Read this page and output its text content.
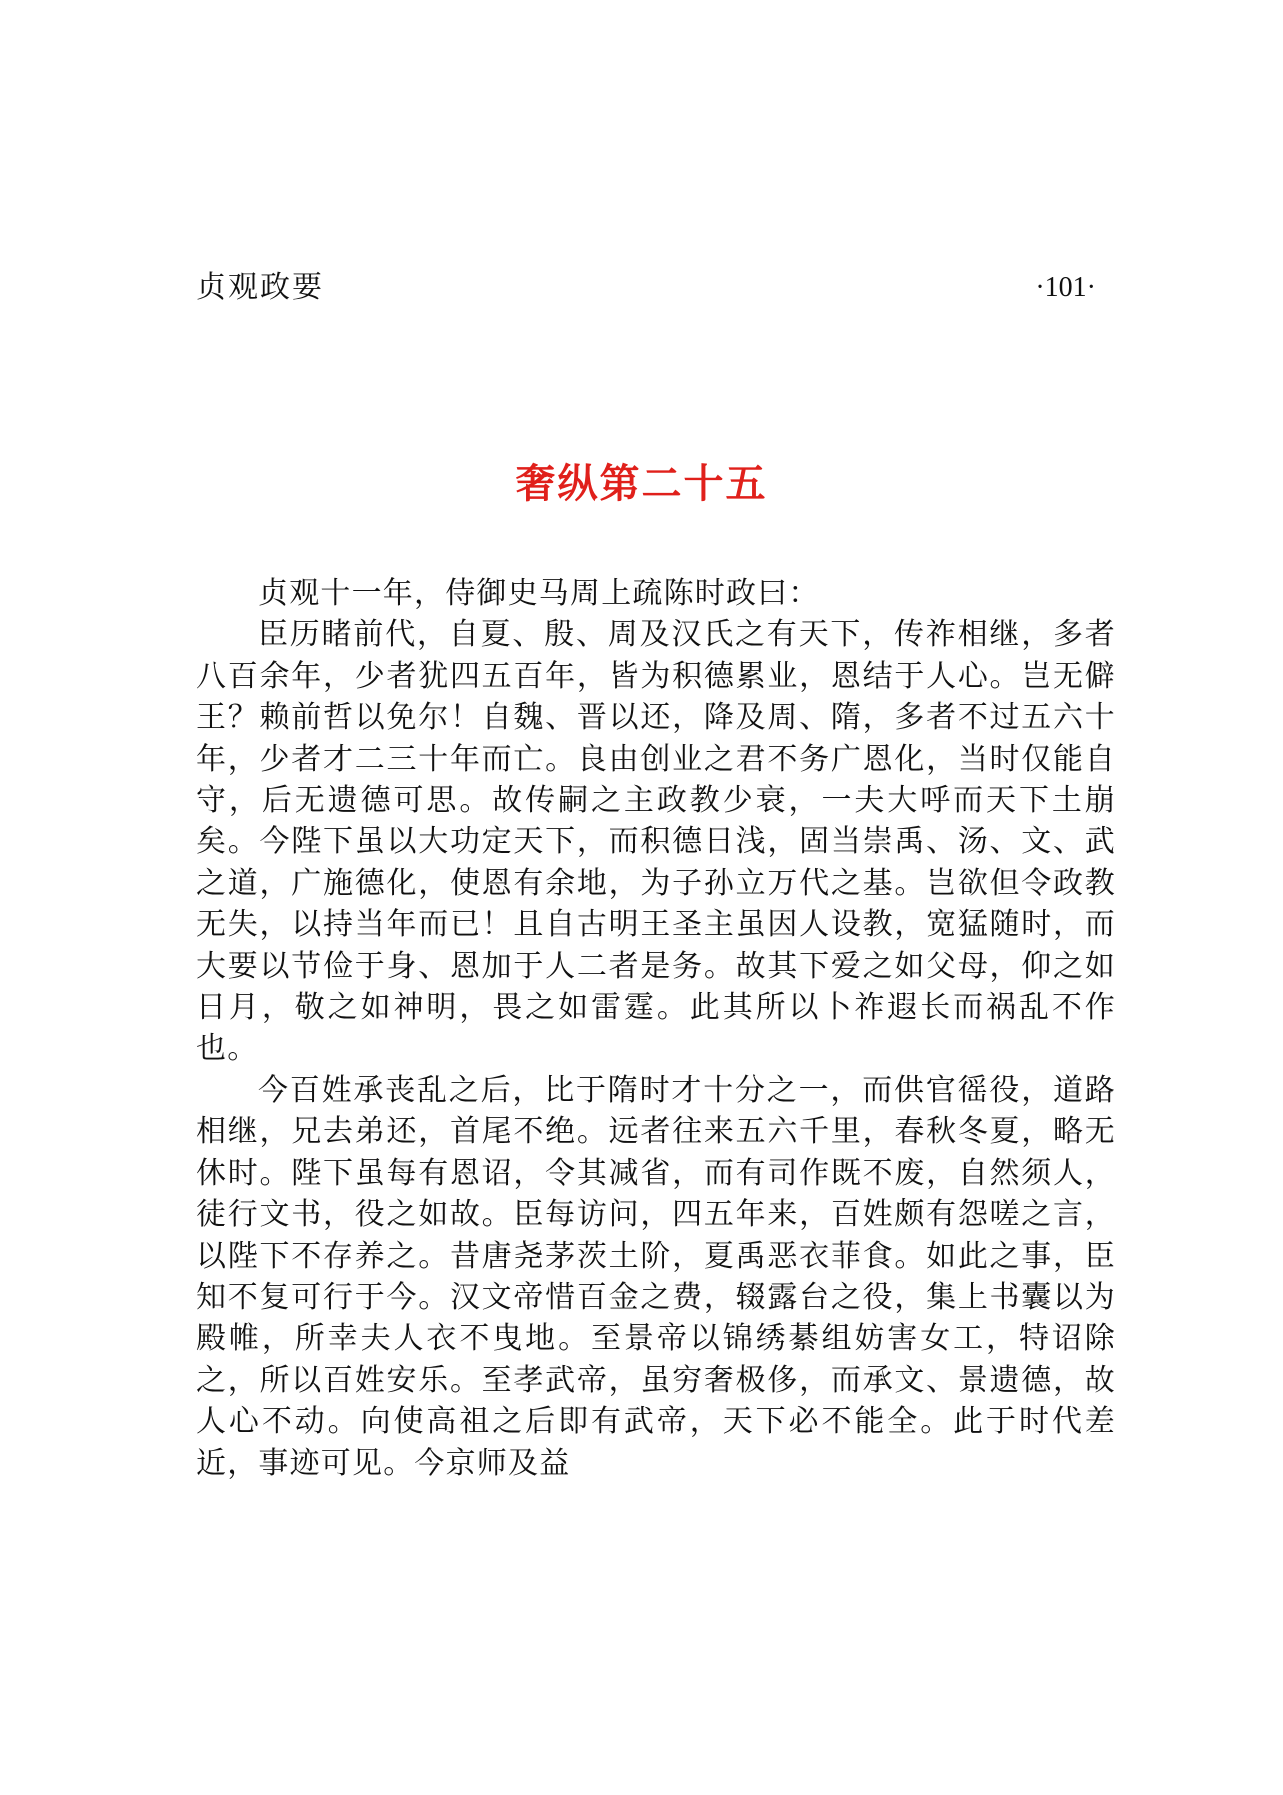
贞观政要	·101·
奢纵第二十五

贞观十一年，侍御史马周上疏陈时政曰：

臣历睹前代，自夏、殷、周及汉氏之有天下，传祚相继，多者八百余年，少者犹四五百年，皆为积德累业，恩结于人心。岂无僻王？赖前哲以免尔！自魏、晋以还，降及周、隋，多者不过五六十年，少者才二三十年而亡。良由创业之君不务广恩化，当时仅能自守，后无遗德可思。故传嗣之主政教少衰，一夫大呼而天下土崩矣。今陛下虽以大功定天下，而积德日浅，固当崇禹、汤、文、武之道，广施德化，使恩有余地，为子孙立万代之基。岂欲但令政教无失，以持当年而已！且自古明王圣主虽因人设教，宽猛随时，而大要以节俭于身、恩加于人二者是务。故其下爱之如父母，仰之如日月，敬之如神明，畏之如雷霆。此其所以卜祚遐长而祸乱不作也。

今百姓承丧乱之后，比于隋时才十分之一，而供官徭役，道路相继，兄去弟还，首尾不绝。远者往来五六千里，春秋冬夏，略无休时。陛下虽每有恩诏，令其减省，而有司作既不废，自然须人，徒行文书，役之如故。臣每访问，四五年来，百姓颇有怨嗟之言，以陛下不存养之。昔唐尧茅茨土阶，夏禹恶衣菲食。如此之事，臣知不复可行于今。汉文帝惜百金之费，辍露台之役，集上书囊以为殿帷，所幸夫人衣不曳地。至景帝以锦绣綦组妨害女工，特诏除之，所以百姓安乐。至孝武帝，虽穷奢极侈，而承文、景遗德，故人心不动。向使高祖之后即有武帝，天下必不能全。此于时代差近，事迹可见。今京师及益
